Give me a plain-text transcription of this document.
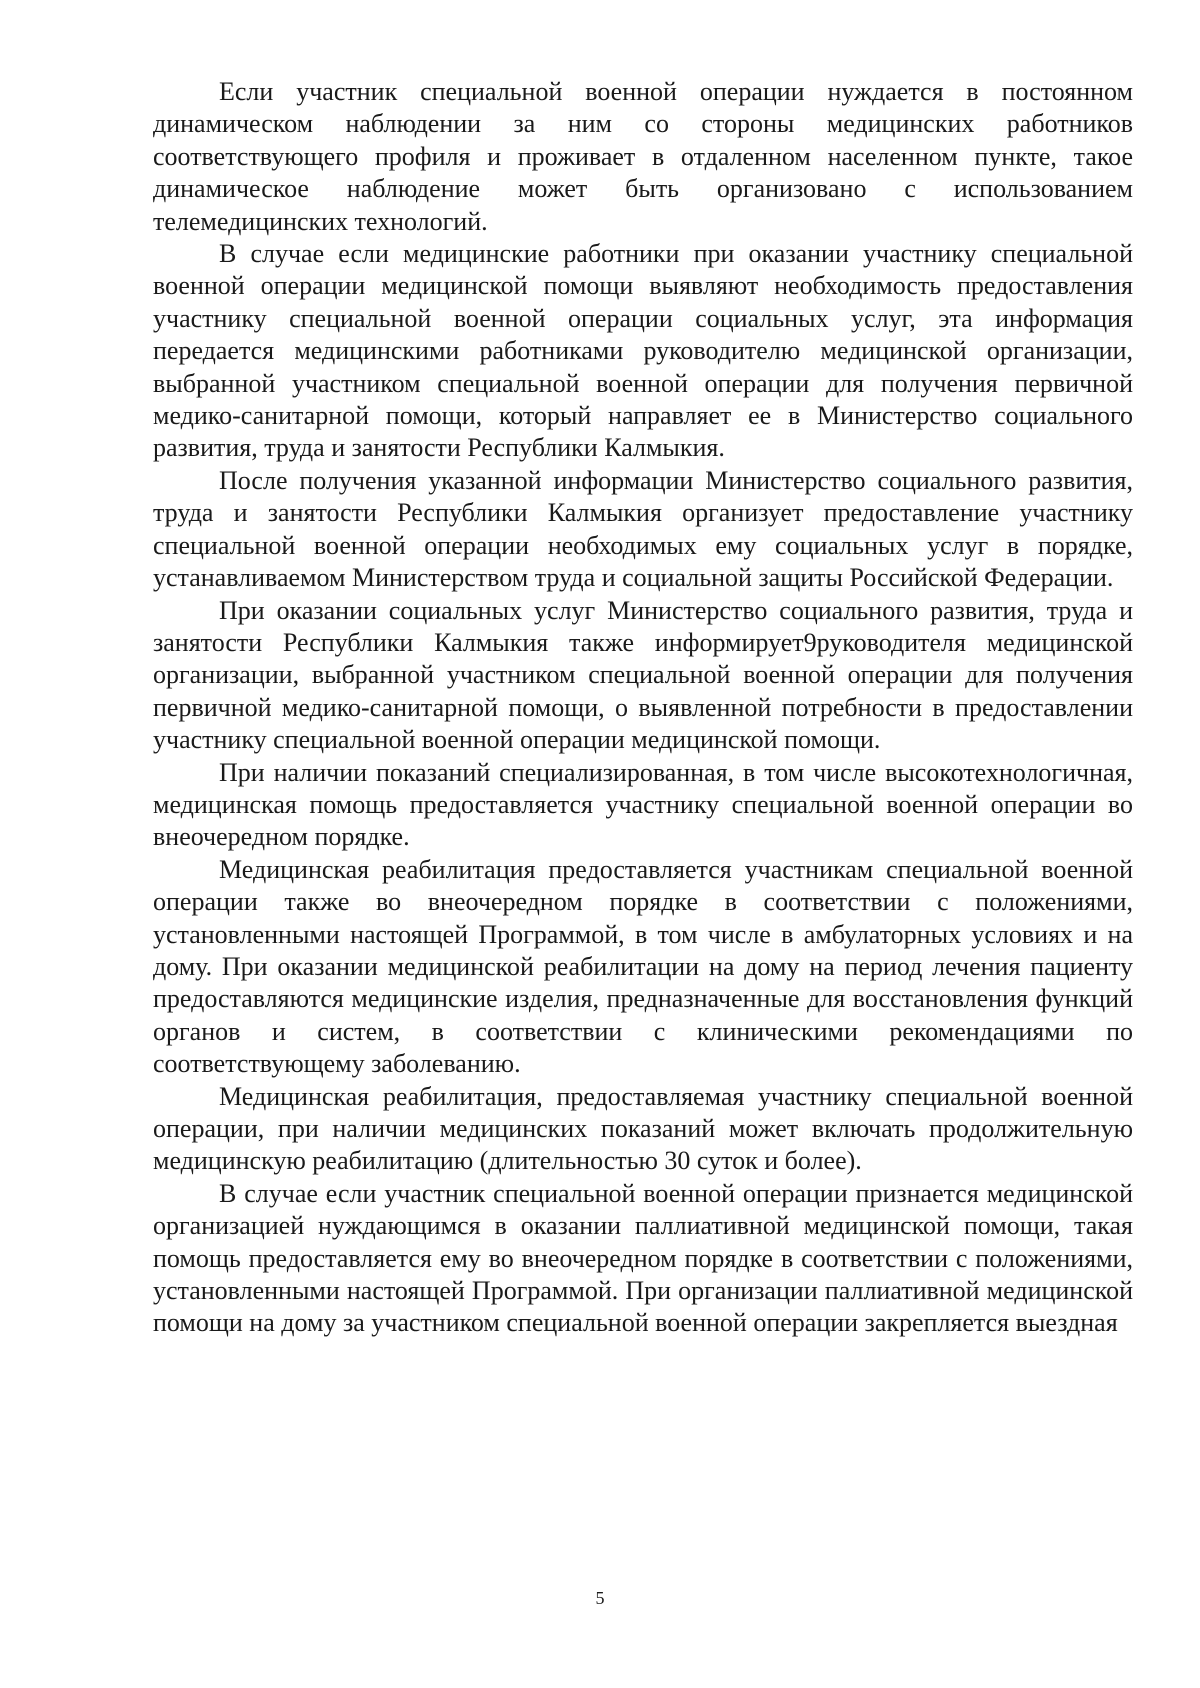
Если участник специальной военной операции нуждается в постоянном динамическом наблюдении за ним со стороны медицинских работников соответствующего профиля и проживает в отдаленном населенном пункте, такое динамическое наблюдение может быть организовано с использованием телемедицинских технологий.

В случае если медицинские работники при оказании участнику специальной военной операции медицинской помощи выявляют необходимость предоставления участнику специальной военной операции социальных услуг, эта информация передается медицинскими работниками руководителю медицинской организации, выбранной участником специальной военной операции для получения первичной медико-санитарной помощи, который направляет ее в Министерство социального развития, труда и занятости Республики Калмыкия.

После получения указанной информации Министерство социального развития, труда и занятости Республики Калмыкия организует предоставление участнику специальной военной операции необходимых ему социальных услуг в порядке, устанавливаемом Министерством труда и социальной защиты Российской Федерации.

При оказании социальных услуг Министерство социального развития, труда и занятости Республики Калмыкия также информирует9руководителя медицинской организации, выбранной участником специальной военной операции для получения первичной медико-санитарной помощи, о выявленной потребности в предоставлении участнику специальной военной операции медицинской помощи.

При наличии показаний специализированная, в том числе высокотехнологичная, медицинская помощь предоставляется участнику специальной военной операции во внеочередном порядке.

Медицинская реабилитация предоставляется участникам специальной военной операции также во внеочередном порядке в соответствии с положениями, установленными настоящей Программой, в том числе в амбулаторных условиях и на дому. При оказании медицинской реабилитации на дому на период лечения пациенту предоставляются медицинские изделия, предназначенные для восстановления функций органов и систем, в соответствии с клиническими рекомендациями по соответствующему заболеванию.

Медицинская реабилитация, предоставляемая участнику специальной военной операции, при наличии медицинских показаний может включать продолжительную медицинскую реабилитацию (длительностью 30 суток и более).

В случае если участник специальной военной операции признается медицинской организацией нуждающимся в оказании паллиативной медицинской помощи, такая помощь предоставляется ему во внеочередном порядке в соответствии с положениями, установленными настоящей Программой. При организации паллиативной медицинской помощи на дому за участником специальной военной операции закрепляется выездная

5
